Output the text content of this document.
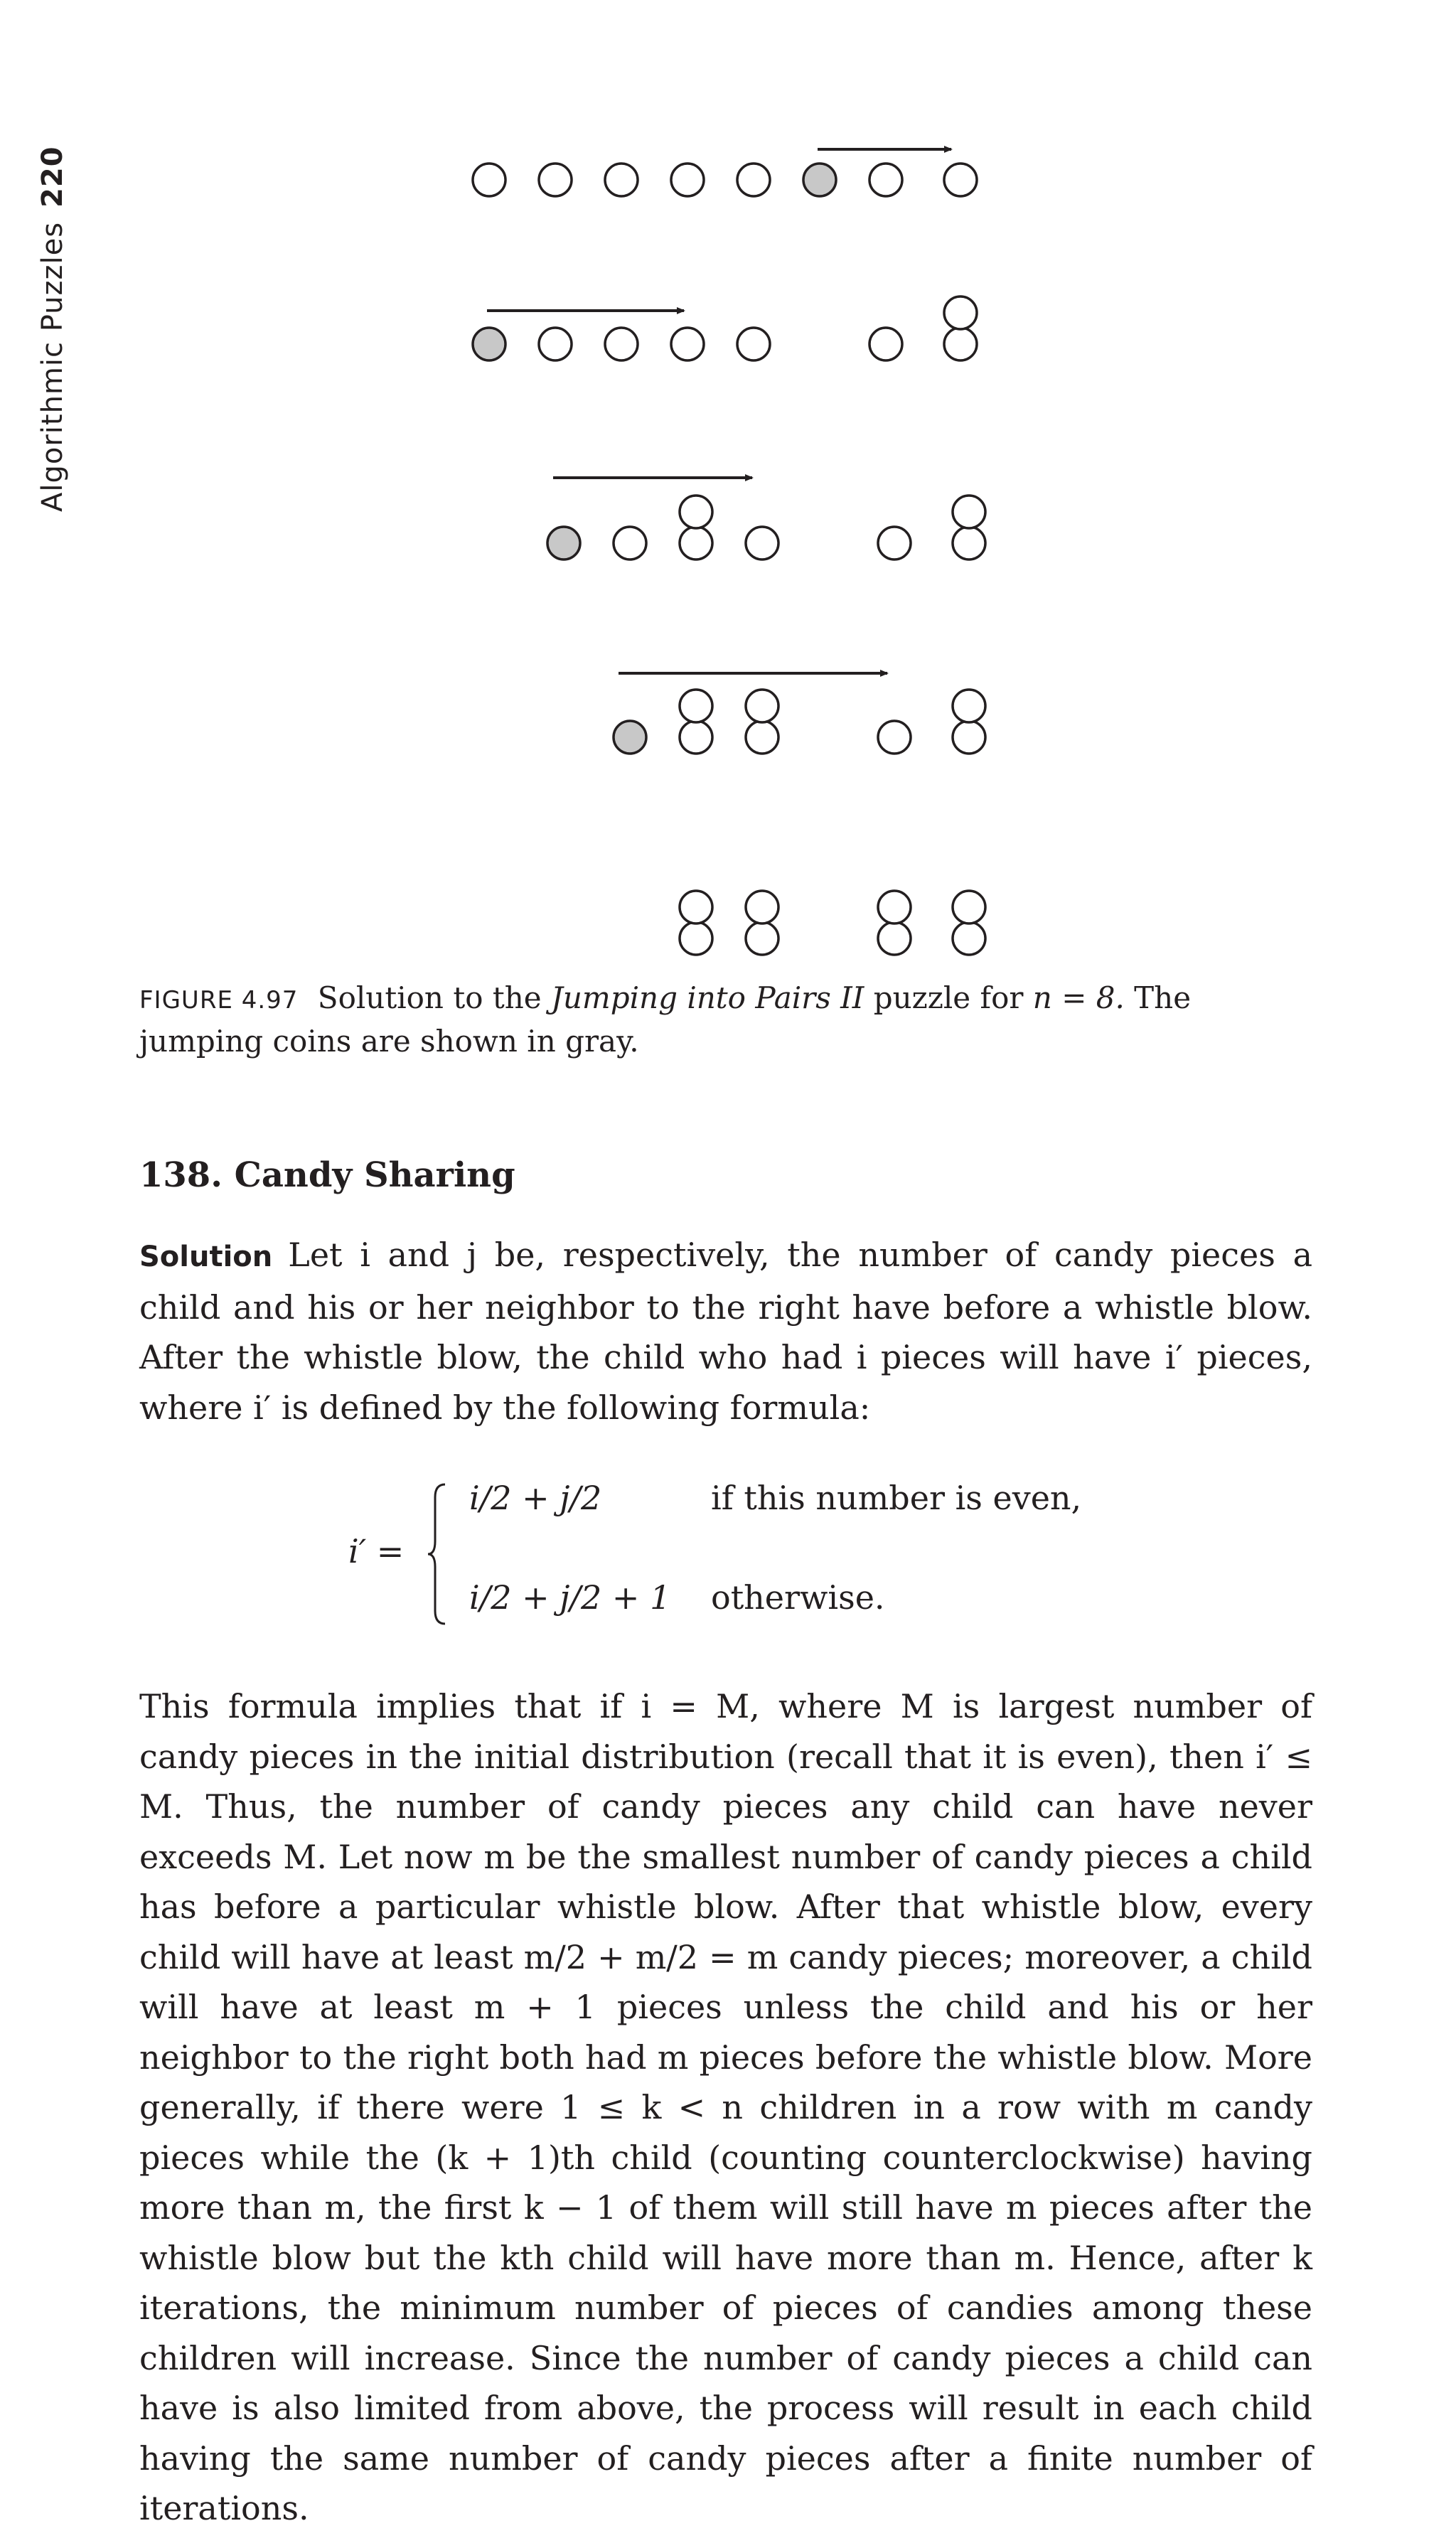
Algorithmic Puzzles220
FIGURE 4.97 Solution to the Jumping into Pairs II puzzle for n = 8. The jumping coins are shown in gray.
138. Candy Sharing
Solution Let i and j be, respectively, the number of candy pieces a child and his or her neighbor to the right have before a whistle blow. After the whistle blow, the child who had i pieces will have i′ pieces, where i′ is defined by the following formula:
i′ =
i/2 + j/2	if this number is even,
i/2 + j/2 + 1 otherwise.
This formula implies that if i = M, where M is largest number of candy pieces in the initial distribution (recall that it is even), then i′ ≤ M. Thus, the number of candy pieces any child can have never exceeds M. Let now m be the smallest number of candy pieces a child has before a particular whistle blow. After that whistle blow, every child will have at least m/2 + m/2 = m candy pieces; moreover, a child will have at least m + 1 pieces unless the child and his or her neighbor to the right both had m pieces before the whistle blow. More generally, if there were 1 ≤ k < n children in a row with m candy pieces while the (k + 1)th child (counting counterclockwise) having more than m, the first k − 1 of them will still have m pieces after the whistle blow but the kth child will have more than m. Hence, after k iterations, the minimum number of pieces of candies among these children will increase. Since the number of candy pieces a child can have is also limited from above, the process will result in each child having the same number of candy pieces after a finite number of iterations.
